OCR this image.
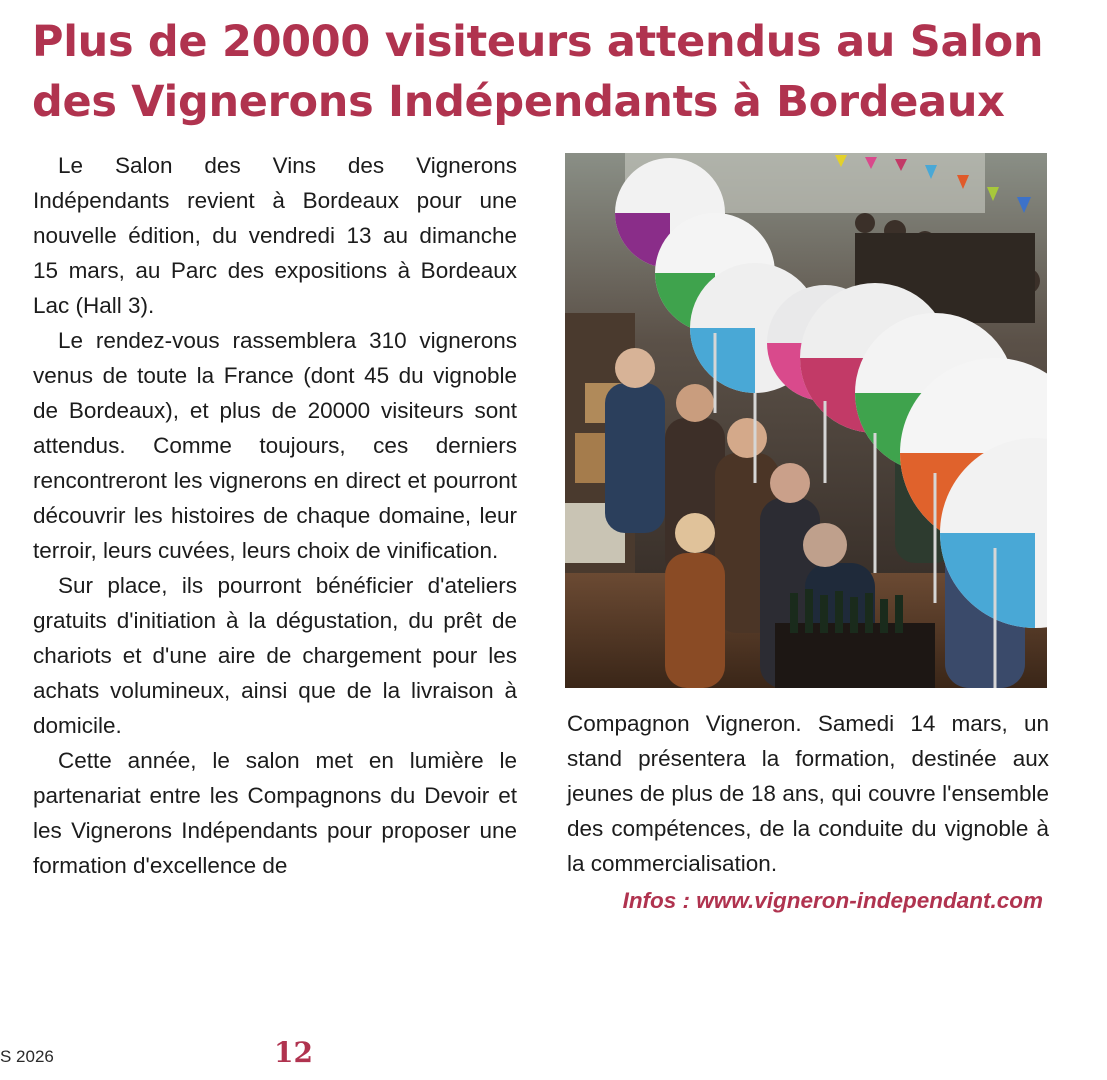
Plus de 20000 visiteurs attendus au Salon des Vignerons Indépendants à Bordeaux

Le Salon des Vins des Vignerons Indépendants revient à Bordeaux pour une nouvelle édition, du vendredi 13 au dimanche 15 mars, au Parc des expositions à Bordeaux Lac (Hall 3).

Le rendez-vous rassemblera 310 vignerons venus de toute la France (dont 45 du vignoble de Bordeaux), et plus de 20000 visiteurs sont attendus. Comme toujours, ces derniers rencontreront les vignerons en direct et pourront découvrir les histoires de chaque domaine, leur terroir, leurs cuvées, leurs choix de vinification.

Sur place, ils pourront bénéficier d'ateliers gratuits d'initiation à la dégustation, du prêt de chariots et d'une aire de chargement pour les achats volumineux, ainsi que de la livraison à domicile.

Cette année, le salon met en lumière le partenariat entre les Compagnons du Devoir et les Vignerons Indépendants pour proposer une formation d'excellence de

Compagnon Vigneron. Samedi 14 mars, un stand présentera la formation, destinée aux jeunes de plus de 18 ans, qui couvre l'ensemble des compétences, de la conduite du vignoble à la commercialisation.

Infos : www.vigneron-independant.com

S 2026	12
